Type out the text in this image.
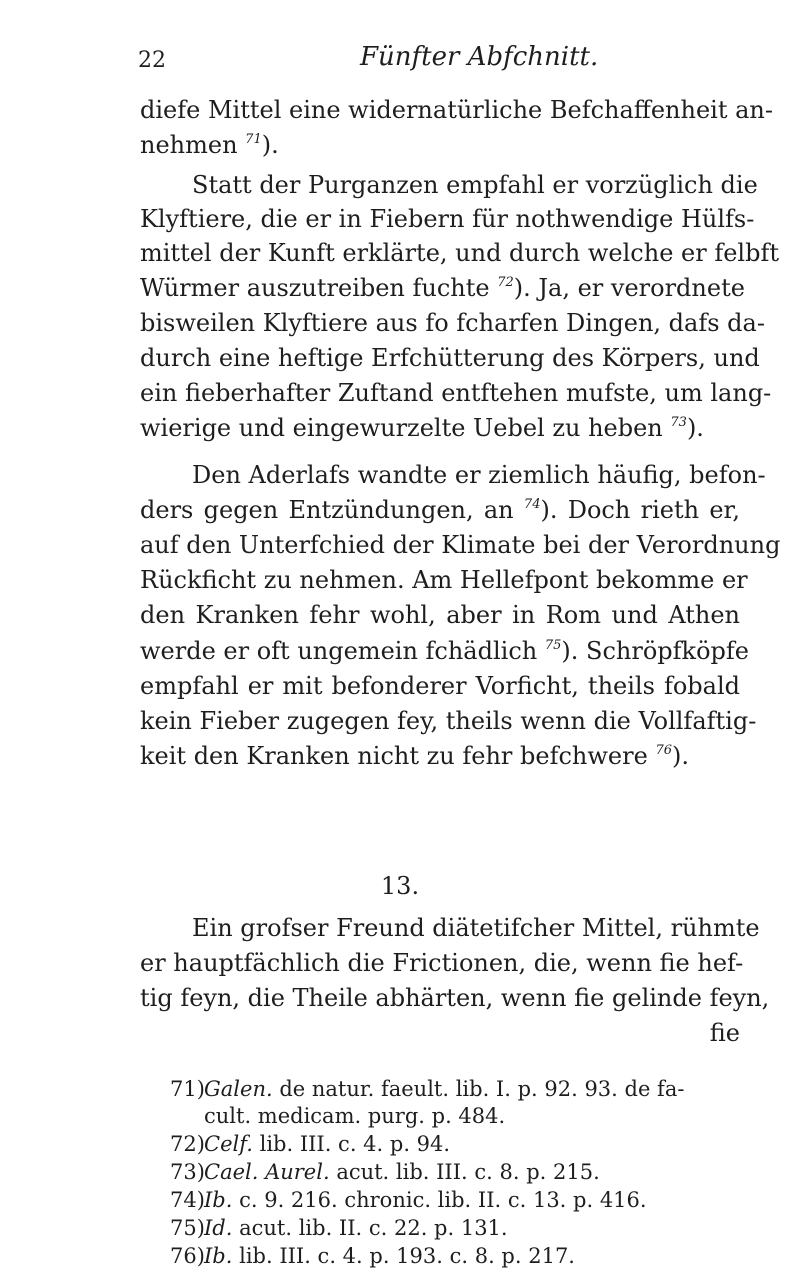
22	Fünfter Abfchnitt.
diefe Mittel eine widernatürliche Befchaffenheit an-
nehmen $^{71}$).
Statt der Purganzen empfahl er vorzüglich die
Klyftiere, die er in Fiebern für nothwendige Hülfs-
mittel der Kunft erklärte, und durch welche er felbft
Würmer auszutreiben fuchte $^{72}$). Ja, er verordnete
bisweilen Klyftiere aus fo fcharfen Dingen, dafs da-
durch eine heftige Erfchütterung des Körpers, und
ein fieberhafter Zuftand entftehen mufste, um lang-
wierige und eingewurzelte Uebel zu heben $^{73}$).
Den Aderlafs wandte er ziemlich häufig, befon-
ders gegen Entzündungen, an $^{74}$). Doch rieth er,
auf den Unterfchied der Klimate bei der Verordnung
Rückficht zu nehmen. Am Hellefpont bekomme er
den Kranken fehr wohl, aber in Rom und Athen
werde er oft ungemein fchädlich $^{75}$). Schröpfköpfe
empfahl er mit befonderer Vorficht, theils fobald
kein Fieber zugegen fey, theils wenn die Vollfaftig-
keit den Kranken nicht zu fehr befchwere $^{76}$).
13.
Ein grofser Freund diätetifcher Mittel, rühmte
er hauptfächlich die Frictionen, die, wenn fie hef-
tig feyn, die Theile abhärten, wenn fie gelinde feyn,
fie
71)Galen. de natur. faeult. lib. I. p. 92. 93. de fa-
cult. medicam. purg. p. 484.
72)Celf. lib. III. c. 4. p. 94.
73)Cael. Aurel. acut. lib. III. c. 8. p. 215.
74)Ib. c. 9. 216. chronic. lib. II. c. 13. p. 416.
75)Id. acut. lib. II. c. 22. p. 131.
76)Ib. lib. III. c. 4. p. 193. c. 8. p. 217.
